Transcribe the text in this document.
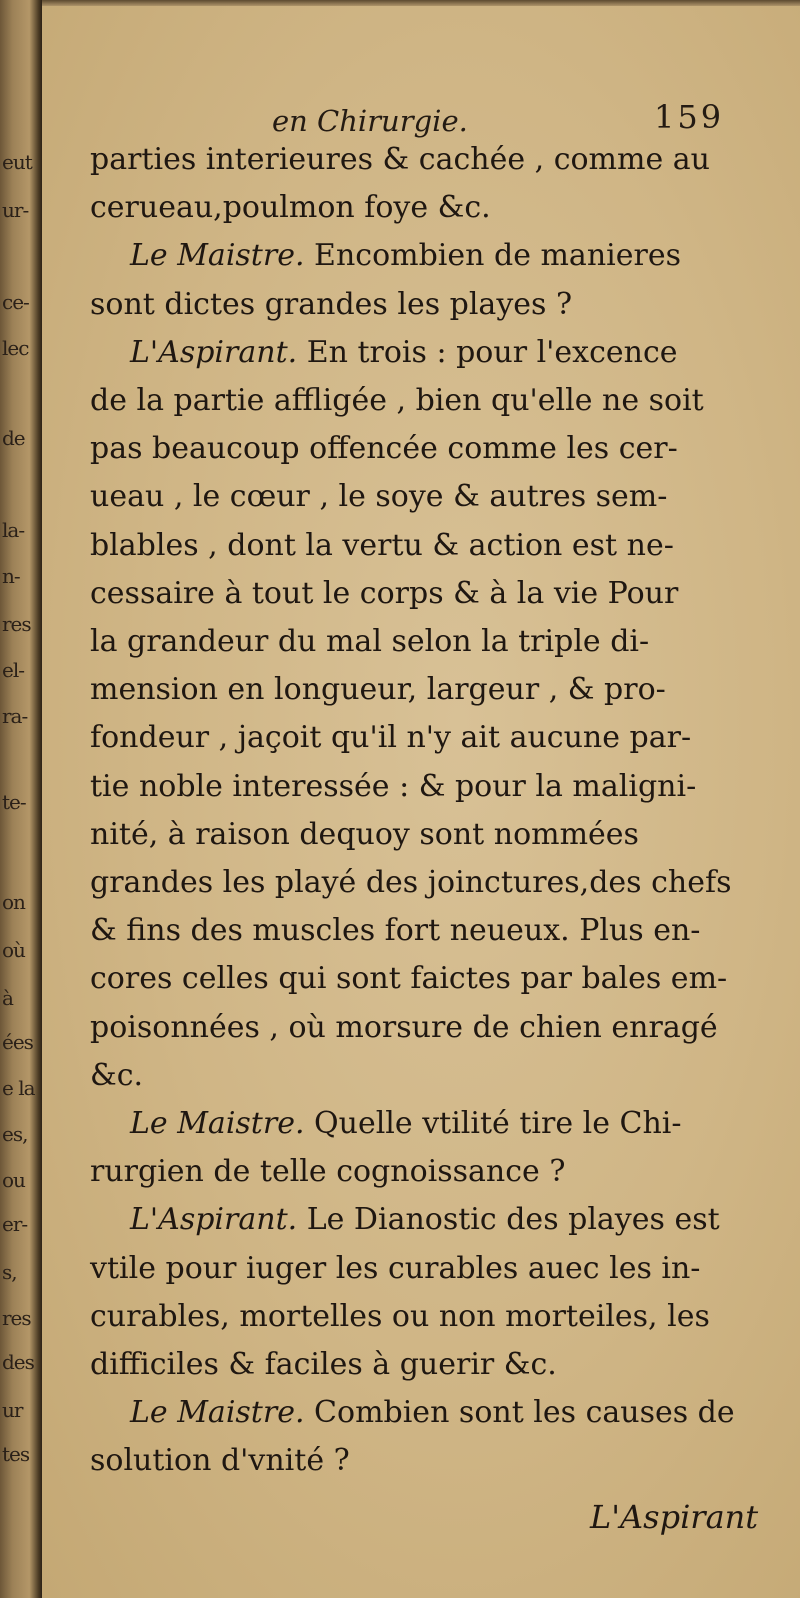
eut
ur-
ce-
lec
de
la-
n-
res
el-
ra-
te-
on
où
à
ées
e la
es,
ou
er-
s,
res
des
ur
tes
en Chirurgie.	159
parties interieures & cachée , comme au
cerueau,poulmon foye &c.
Le Maistre. Encombien de manieres
sont dictes grandes les playes ?
L'Aspirant. En trois : pour l'excence
de la partie affligée , bien qu'elle ne soit
pas beaucoup offencée comme les cer-
ueau , le cœur , le soye & autres sem-
blables , dont la vertu & action est ne-
cessaire à tout le corps & à la vie Pour
la grandeur du mal selon la triple di-
mension en longueur, largeur , & pro-
fondeur , jaçoit qu'il n'y ait aucune par-
tie noble interessée : & pour la maligni-
nité, à raison dequoy sont nommées
grandes les playé des joinctures,des chefs
& fins des muscles fort neueux. Plus en-
cores celles qui sont faictes par bales em-
poisonnées , où morsure de chien enragé
&c.
Le Maistre. Quelle vtilité tire le Chi-
rurgien de telle cognoissance ?
L'Aspirant. Le Dianostic des playes est
vtile pour iuger les curables auec les in-
curables, mortelles ou non morteiles, les
difficiles & faciles à guerir &c.
Le Maistre. Combien sont les causes de
solution d'vnité ?
L'Aspirant
